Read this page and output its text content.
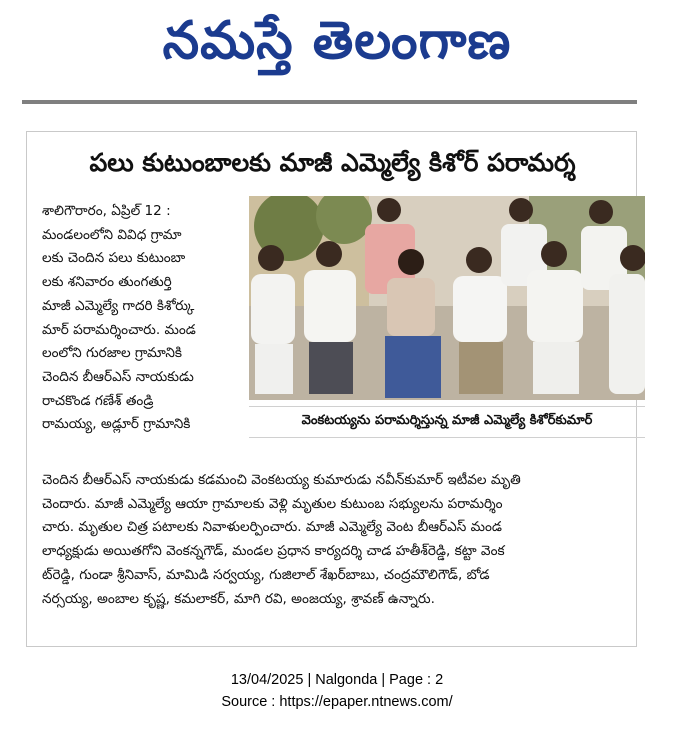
నమస్తే తెలంగాణ
పలు కుటుంబాలకు మాజీ ఎమ్మెల్యే కిశోర్ పరామర్శ
శాలిగౌరారం, ఏప్రిల్ 12 :
మండలంలోని వివిధ గ్రామా
లకు చెందిన పలు కుటుంబా
లకు శనివారం తుంగతుర్తి
మాజీ ఎమ్మెల్యే గాదరి కిశోర్కు
మార్ పరామర్శించారు. మండ
లంలోని గురజాల గ్రామానికి
చెందిన బీఆర్ఎస్ నాయకుడు
రాచకొండ గణేశ్ తండ్రి
రామయ్య, అడ్లూర్ గ్రామానికి	వెంకటయ్యను పరామర్శిస్తున్న మాజీ ఎమ్మెల్యే కిశోర్‌కుమార్
చెందిన బీఆర్ఎస్ నాయకుడు కడమంచి వెంకటయ్య కుమారుడు నవీన్‌కుమార్ ఇటీవల మృతి
చెందారు. మాజీ ఎమ్మెల్యే ఆయా గ్రామాలకు వెళ్లి మృతుల కుటుంబ సభ్యులను పరామర్శిం
చారు. మృతుల చిత్ర పటాలకు నివాళులర్పించారు. మాజీ ఎమ్మెల్యే వెంట బీఆర్ఎస్ మండ
లాధ్యక్షుడు అయితగోని వెంకన్నగౌడ్, మండల ప్రధాన కార్యదర్శి చాడ హతీశ్‌రెడ్డి, కట్టా వెంక
ట్‌రెడ్డి, గుండా శ్రీనివాస్, మామిడి సర్వయ్య, గుజిలాల్ శేఖర్‌బాబు, చంద్రమౌలిగౌడ్, బోడ
నర్సయ్య, అంబాల కృష్ణ, కమలాకర్, మాగి రవి, అంజయ్య, శ్రావణ్ ఉన్నారు.
13/04/2025 | Nalgonda | Page : 2
Source : https://epaper.ntnews.com/
